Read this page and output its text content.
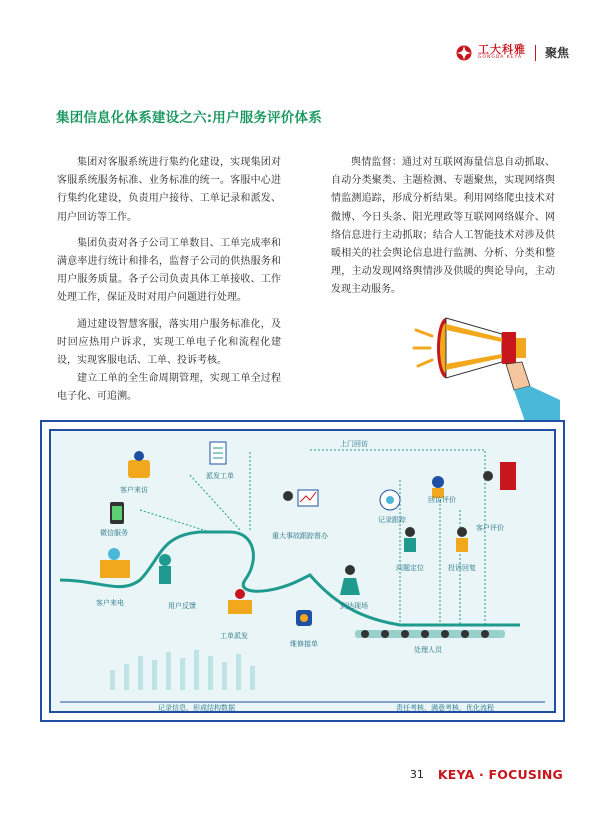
工大科雅
GONGDA KEYA	聚焦
集团信息化体系建设之六:用户服务评价体系

集团对客服系统进行集约化建设，实现集团对客服系统服务标准、业务标准的统一。客服中心进行集约化建设，负责用户接待、工单记录和派发、用户回访等工作。

集团负责对各子公司工单数目、工单完成率和满意率进行统计和排名，监督子公司的供热服务和用户服务质量。各子公司负责具体工单接收、工作处理工作，保证及时对用户问题进行处理。

通过建设智慧客服，落实用户服务标准化，及时回应热用户诉求，实现工单电子化和流程化建设，实现客服电话、工单、投诉考核。

建立工单的全生命周期管理，实现工单全过程电子化、可追溯。

舆情监督：通过对互联网海量信息自动抓取、自动分类聚类、主题检测、专题聚焦，实现网络舆情监测追踪，形成分析结果。利用网络爬虫技术对微博、今日头条、阳光理政等互联网网络媒介、网络信息进行主动抓取；结合人工智能技术对涉及供暖相关的社会舆论信息进行监测、分析、分类和整理，主动发现网络舆情涉及供暖的舆论导向，主动发现主动服务。

客户来访
派发工单
微信服务
客户来电	用户反馈
重大事故跟踪督办
工单派发
维修接单
到达现场
记录跟踪
回访评价
客户评价
问题定位	投诉回复
上门回访
处理人员
记录信息，形成结构数据	责任考核，满意考核，优化流程
31 KEYA · FOCUSING
